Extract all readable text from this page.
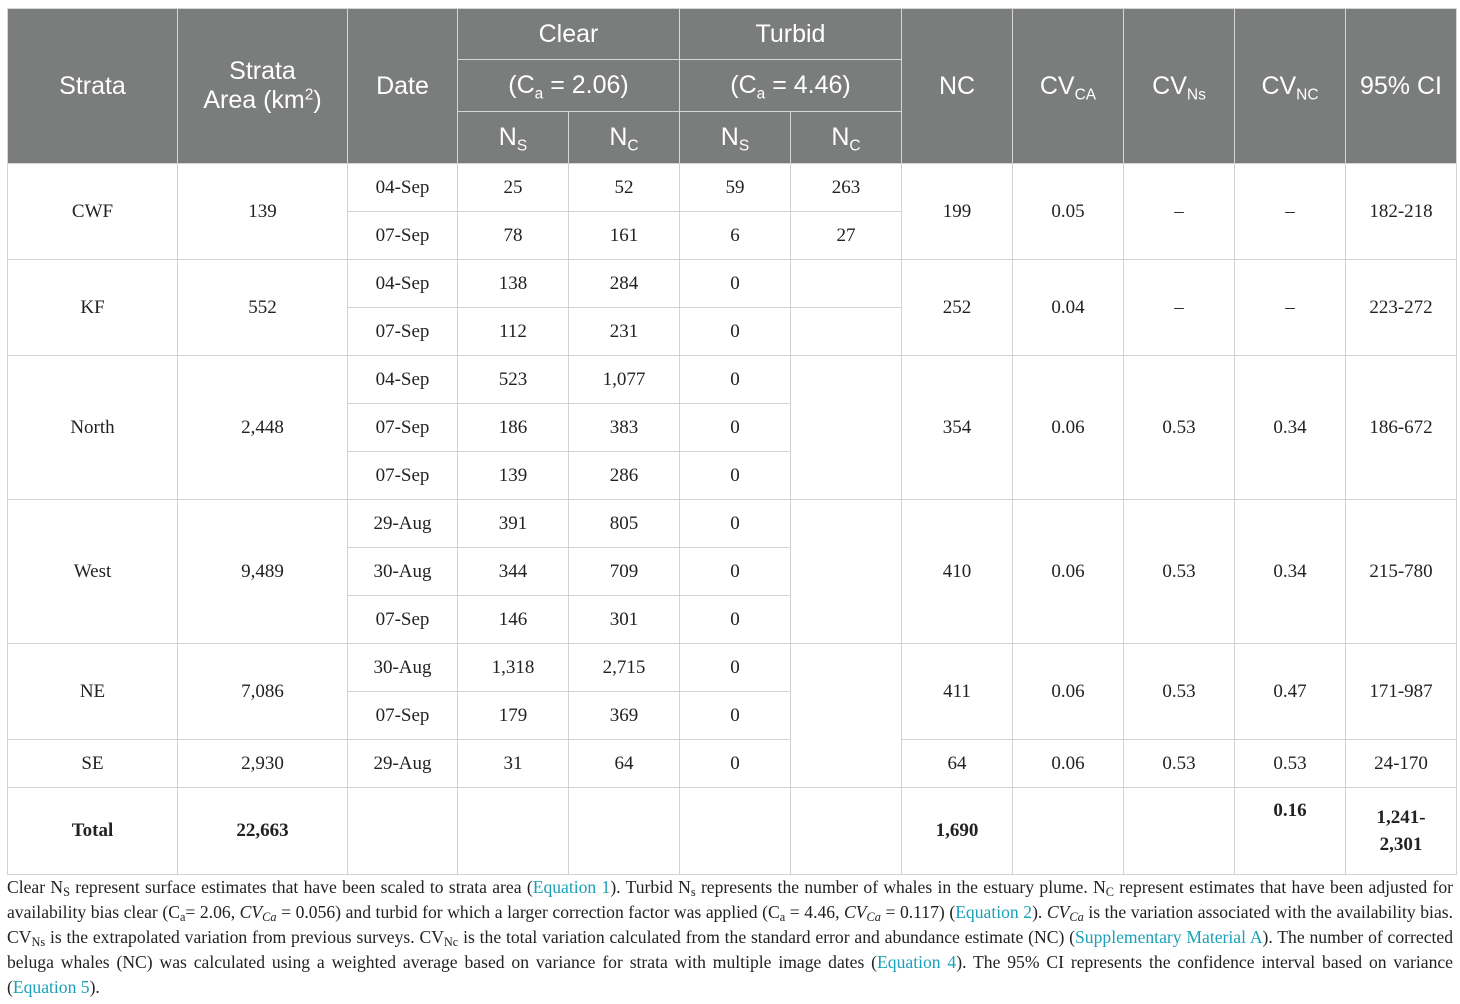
Strata	Strata
Area $(km^2)$	Date	Clear		Turbid		NC	$CV_{CA}$	$CV_{Ns}$	$CV_{NC}$	95% CI
			$(C_a = 2.06)$		$(C_a = 4.46)$						
			$N_S$	$N_C$	$N_S$	$N_C$
CWF	139	04-Sep	25	52	59	263	199	0.05	–	–	182-218
		07-Sep	78	161	6	27					
KF	552	04-Sep	138	284	0		252	0.04	–	–	223-272
		07-Sep	112	231	0						
North	2,448	04-Sep	523	1,077	0		354	0.06	0.53	0.34	186-672
		07-Sep	186	383	0						
		07-Sep	139	286	0						
West	9,489	29-Aug	391	805	0		410	0.06	0.53	0.34	215-780
		30-Aug	344	709	0						
		07-Sep	146	301	0						
NE	7,086	30-Aug	1,318	2,715	0		411	0.06	0.53	0.47	171-987
		07-Sep	179	369	0						
SE	2,930	29-Aug	31	64	0		64	0.06	0.53	0.53	24-170
Total	22,663						1,690			0.16	1,241-
2,301
Clear NS represent surface estimates that have been scaled to strata area (Equation 1). Turbid Ns represents the number of whales in the estuary plume. NC represent estimates that have been adjusted for availability bias clear (Ca= 2.06, CVCa = 0.056) and turbid for which a larger correction factor was applied (Ca = 4.46, CVCa = 0.117) (Equation 2). CVCa is the variation associated with the availability bias. CVNs is the extrapolated variation from previous surveys. CVNc is the total variation calculated from the standard error and abundance estimate (NC) (Supplementary Material A). The number of corrected beluga whales (NC) was calculated using a weighted average based on variance for strata with multiple image dates (Equation 4). The 95% CI represents the confidence interval based on variance (Equation 5).
